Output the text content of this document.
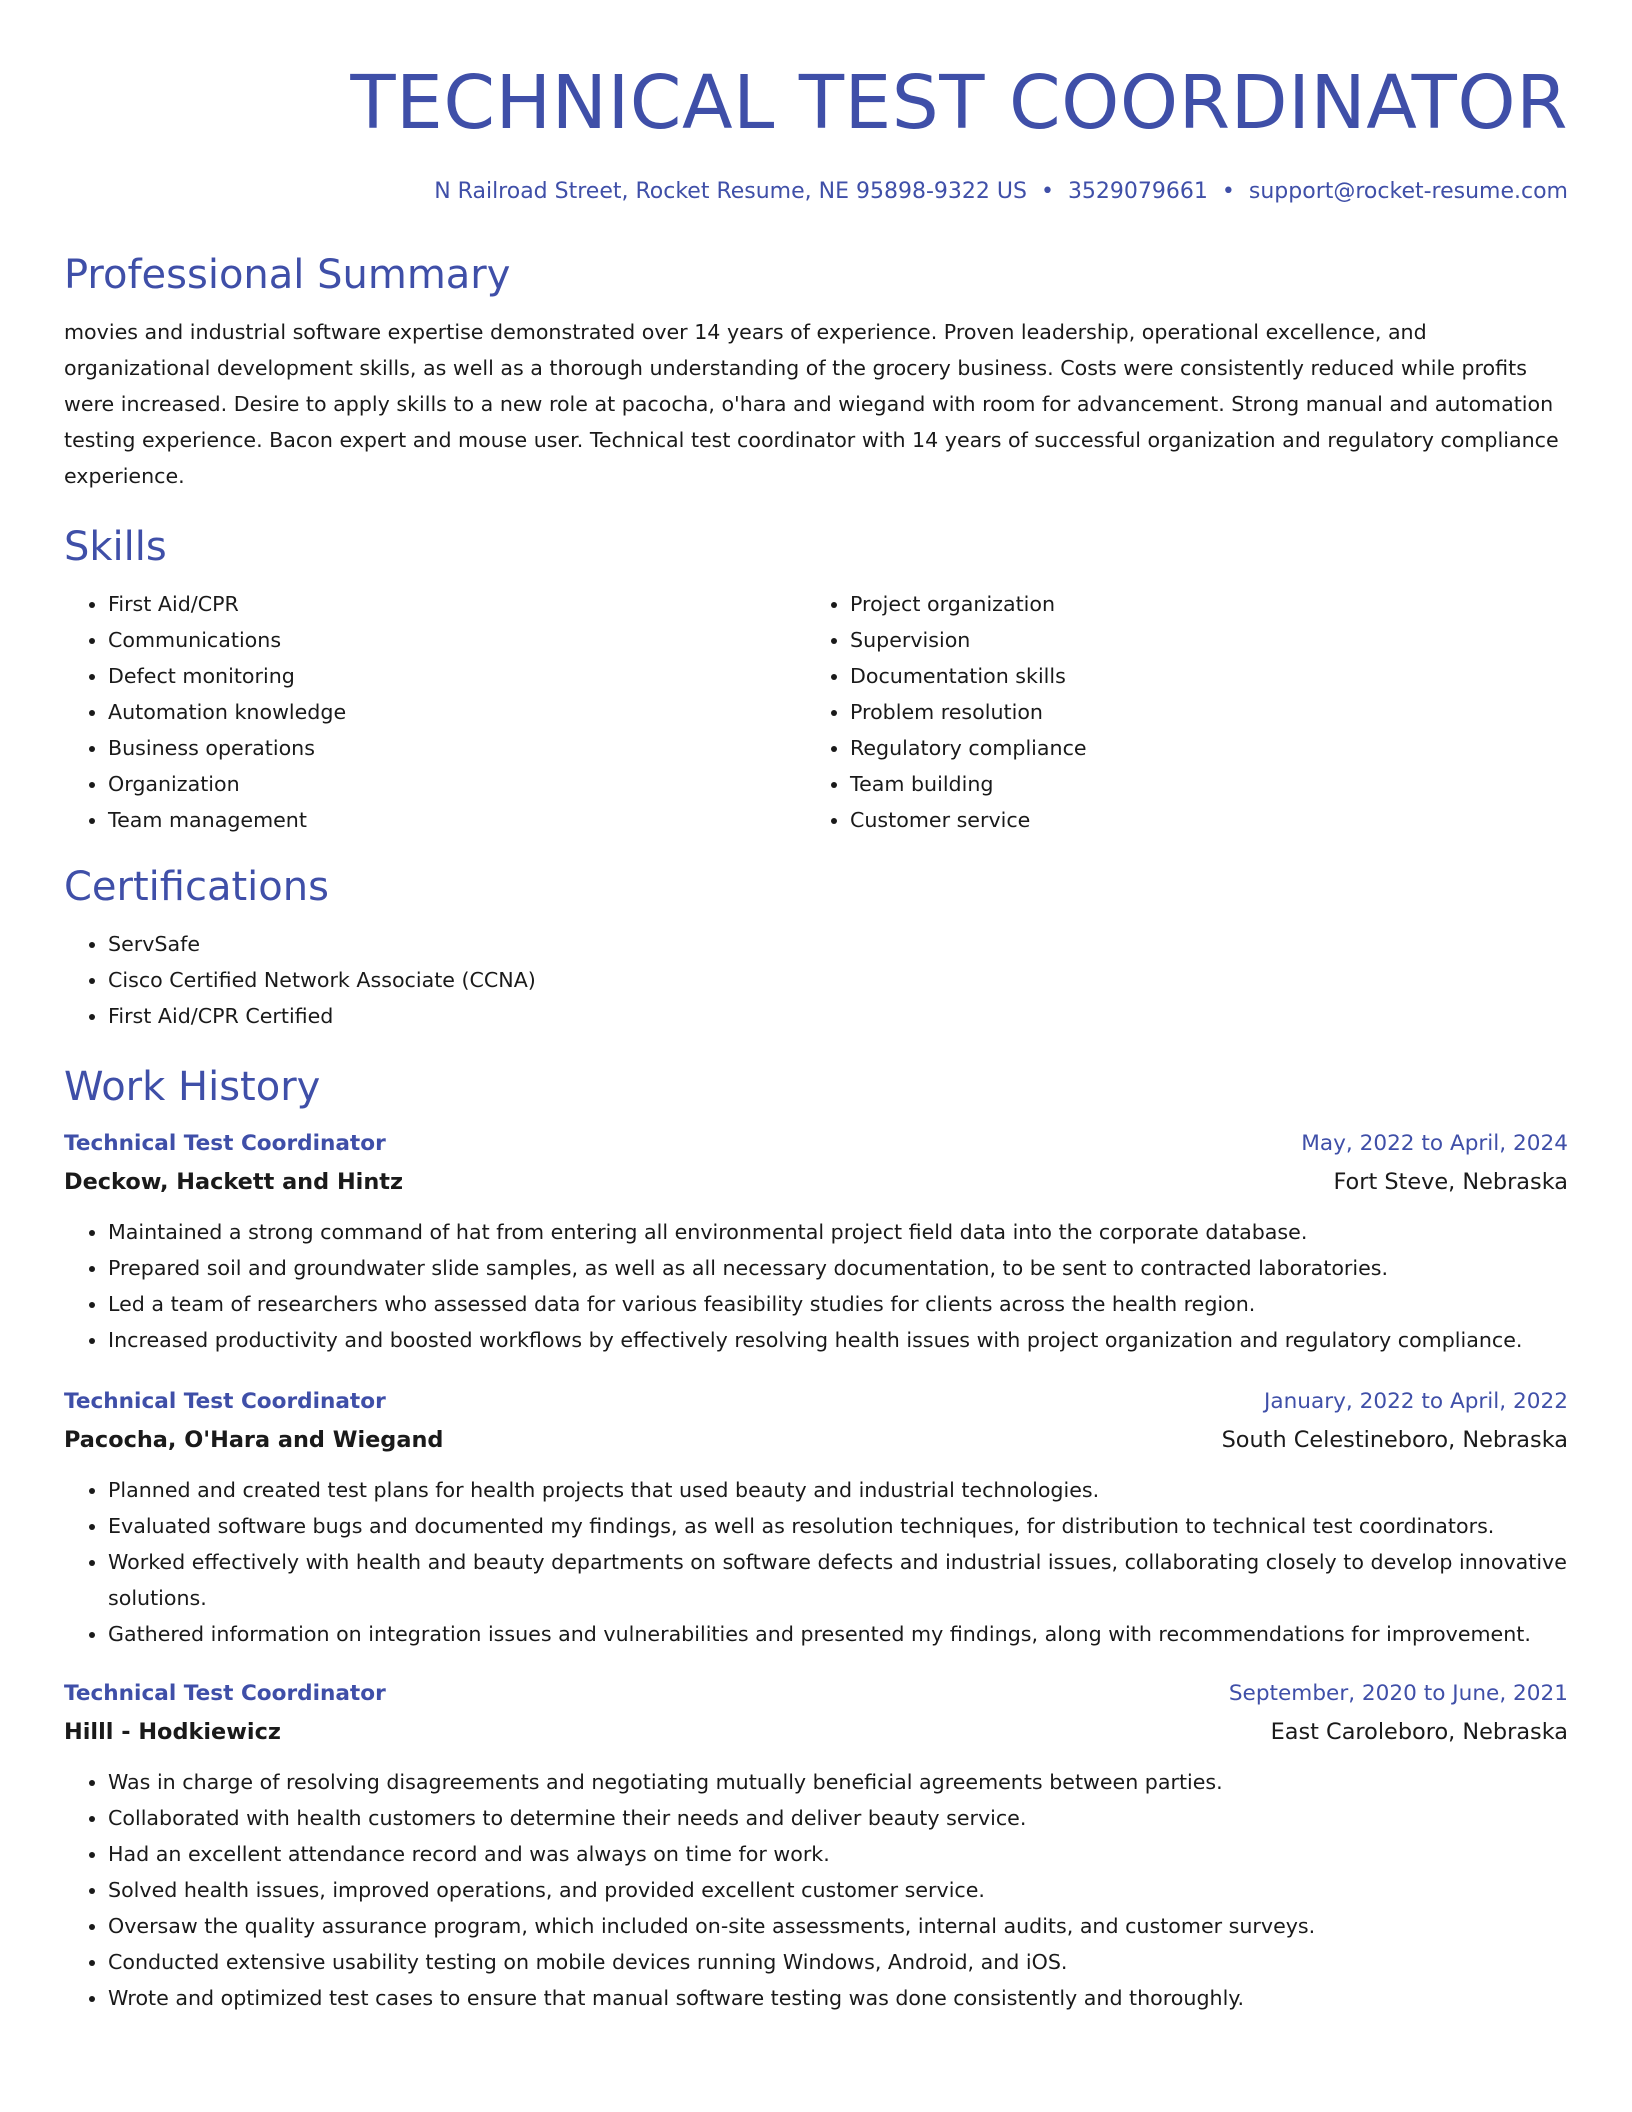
TECHNICAL TEST COORDINATOR
N Railroad Street, Rocket Resume, NE 95898-9322 US • 3529079661 • support@rocket-resume.com
Professional Summary

movies and industrial software expertise demonstrated over 14 years of experience. Proven leadership, operational excellence, and organizational development skills, as well as a thorough understanding of the grocery business. Costs were consistently reduced while profits were increased. Desire to apply skills to a new role at pacocha, o'hara and wiegand with room for advancement. Strong manual and automation testing experience. Bacon expert and mouse user. Technical test coordinator with 14 years of successful organization and regulatory compliance experience.

Skills
• First Aid/CPR
• Communications
• Defect monitoring
• Automation knowledge
• Business operations
• Organization
• Team management
• Project organization
• Supervision
• Documentation skills
• Problem resolution
• Regulatory compliance
• Team building
• Customer service
Certifications
• ServSafe
• Cisco Certified Network Associate (CCNA)
• First Aid/CPR Certified
Work History
Technical Test Coordinator	May, 2022 to April, 2024
Deckow, Hackett and Hintz	Fort Steve, Nebraska
• Maintained a strong command of hat from entering all environmental project field data into the corporate database.
• Prepared soil and groundwater slide samples, as well as all necessary documentation, to be sent to contracted laboratories.
• Led a team of researchers who assessed data for various feasibility studies for clients across the health region.
• Increased productivity and boosted workflows by effectively resolving health issues with project organization and regulatory compliance.
Technical Test Coordinator	January, 2022 to April, 2022
Pacocha, O'Hara and Wiegand	South Celestineboro, Nebraska
• Planned and created test plans for health projects that used beauty and industrial technologies.
• Evaluated software bugs and documented my findings, as well as resolution techniques, for distribution to technical test coordinators.
• Worked effectively with health and beauty departments on software defects and industrial issues, collaborating closely to develop innovative solutions.
• Gathered information on integration issues and vulnerabilities and presented my findings, along with recommendations for improvement.
Technical Test Coordinator	September, 2020 to June, 2021
Hilll - Hodkiewicz	East Caroleboro, Nebraska
• Was in charge of resolving disagreements and negotiating mutually beneficial agreements between parties.
• Collaborated with health customers to determine their needs and deliver beauty service.
• Had an excellent attendance record and was always on time for work.
• Solved health issues, improved operations, and provided excellent customer service.
• Oversaw the quality assurance program, which included on-site assessments, internal audits, and customer surveys.
• Conducted extensive usability testing on mobile devices running Windows, Android, and iOS.
• Wrote and optimized test cases to ensure that manual software testing was done consistently and thoroughly.
